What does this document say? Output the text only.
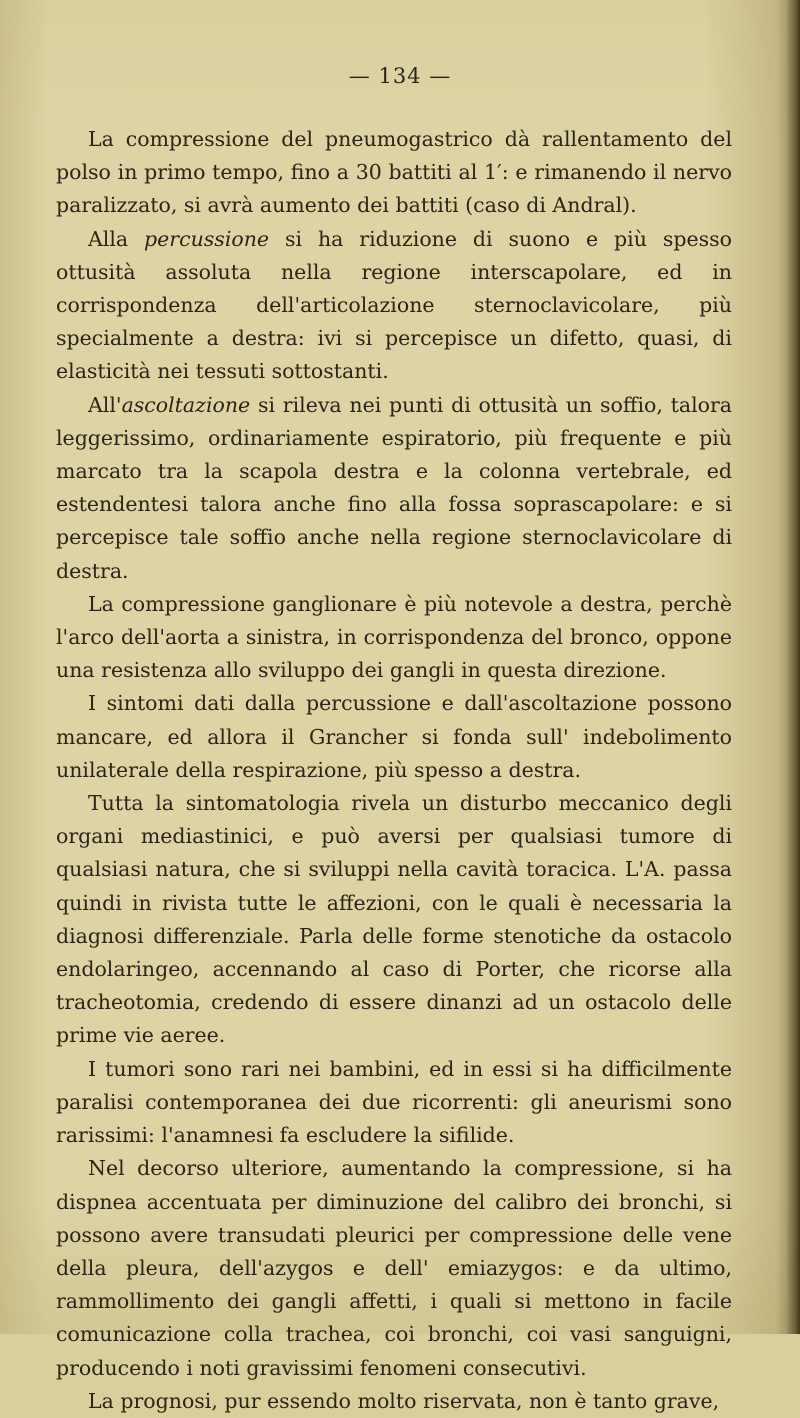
— 134 —

La compressione del pneumogastrico dà rallentamento del polso in primo tempo, fino a 30 battiti al 1′: e rimanendo il nervo paralizzato, si avrà aumento dei battiti (caso di Andral).

Alla percussione si ha riduzione di suono e più spesso ottusità assoluta nella regione interscapolare, ed in corrispondenza dell'articolazione sternoclavicolare, più specialmente a destra: ivi si percepisce un difetto, quasi, di elasticità nei tessuti sottostanti.

All'ascoltazione si rileva nei punti di ottusità un soffio, talora leggerissimo, ordinariamente espiratorio, più frequente e più marcato tra la scapola destra e la colonna vertebrale, ed estendentesi talora anche fino alla fossa soprascapolare: e si percepisce tale soffio anche nella regione sternoclavicolare di destra.

La compressione ganglionare è più notevole a destra, perchè l'arco dell'aorta a sinistra, in corrispondenza del bronco, oppone una resistenza allo sviluppo dei gangli in questa direzione.

I sintomi dati dalla percussione e dall'ascoltazione possono mancare, ed allora il Grancher si fonda sull' indebolimento unilaterale della respirazione, più spesso a destra.

Tutta la sintomatologia rivela un disturbo meccanico degli organi mediastinici, e può aversi per qualsiasi tumore di qualsiasi natura, che si sviluppi nella cavità toracica. L'A. passa quindi in rivista tutte le affezioni, con le quali è necessaria la diagnosi differenziale. Parla delle forme stenotiche da ostacolo endolaringeo, accennando al caso di Porter, che ricorse alla tracheotomia, credendo di essere dinanzi ad un ostacolo delle prime vie aeree.

I tumori sono rari nei bambini, ed in essi si ha difficilmente paralisi contemporanea dei due ricorrenti: gli aneurismi sono rarissimi: l'anamnesi fa escludere la sifilide.

Nel decorso ulteriore, aumentando la compressione, si ha dispnea accentuata per diminuzione del calibro dei bronchi, si possono avere transudati pleurici per compressione delle vene della pleura, dell'azygos e dell' emiazygos: e da ultimo, rammollimento dei gangli affetti, i quali si mettono in facile comunicazione colla trachea, coi bronchi, coi vasi sanguigni, producendo i noti gravissimi fenomeni consecutivi.

La prognosi, pur essendo molto riservata, non è tanto grave,
